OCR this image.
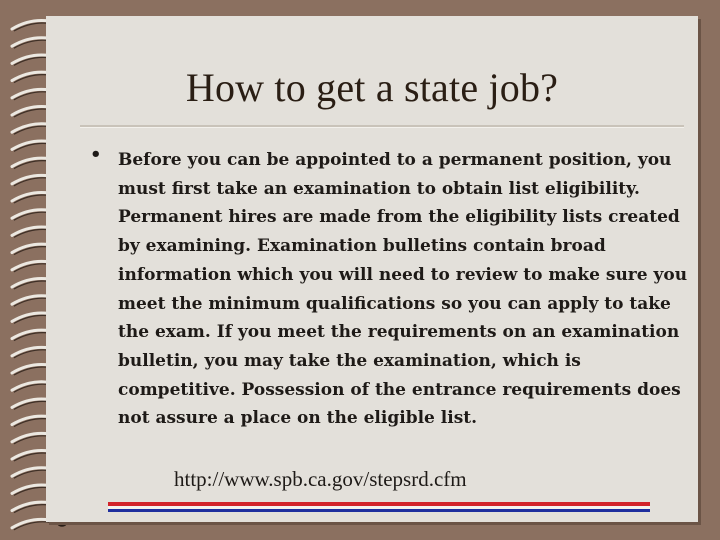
How to get a state job?
• Before you can be appointed to a permanent position, you must first take an examination to obtain list eligibility. Permanent hires are made from the eligibility lists created by examining. Examination bulletins contain broad information which you will need to review to make sure you meet the minimum qualifications so you can apply to take the exam. If you meet the requirements on an examination bulletin, you may take the examination, which is competitive. Possession of the entrance requirements does not assure a place on the eligible list.
http://www.spb.ca.gov/stepsrd.cfm
